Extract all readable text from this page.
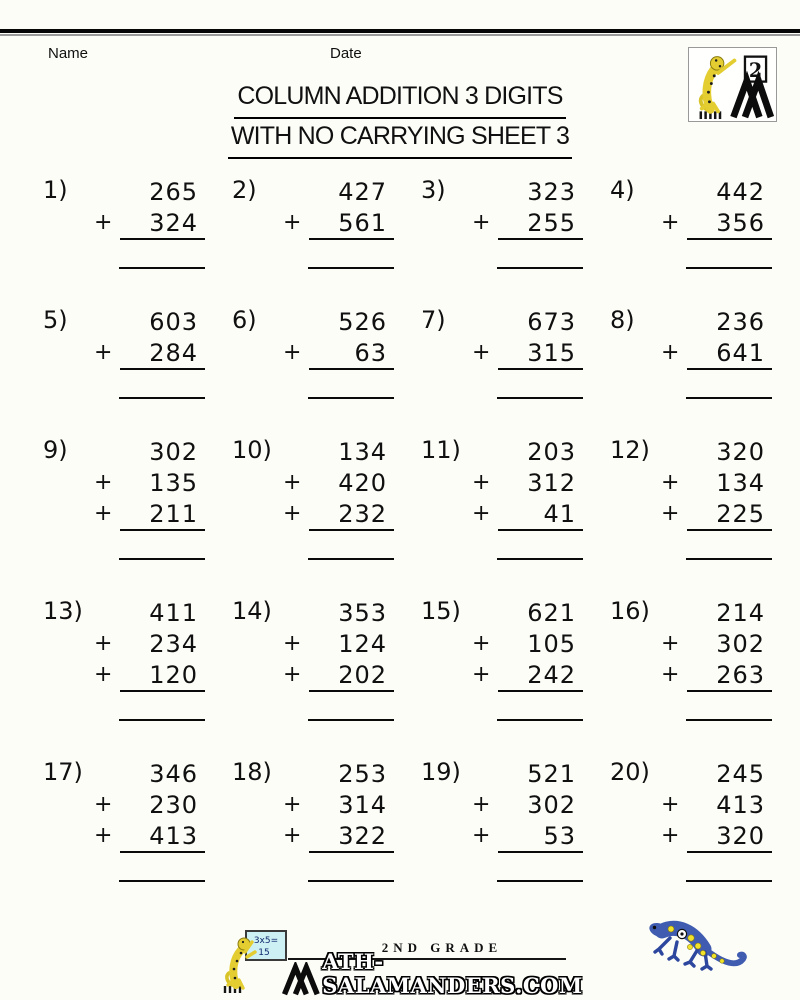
Name	Date
2
COLUMN ADDITION 3 DIGITS
WITH NO CARRYING SHEET 3
1)	265
+	324
2)	427
+	561
3)	323
+	255
4)	442
+	356
5)	603
+	284
6)	526
+	63
7)	673
+	315
8)	236
+	641
9)	302
+	135
+	211
10)	134
+	420
+	232
11)	203
+	312
+	41
12)	320
+	134
+	225
13)	411
+	234
+	120
14)	353
+	124
+	202
15)	621
+	105
+	242
16)	214
+	302
+	263
17)	346
+	230
+	413
18)	253
+	314
+	322
19)	521
+	302
+	53
20)	245
+	413
+	320
3x5=
15	2ND GRADE
ATH-SALAMANDERS.COM
